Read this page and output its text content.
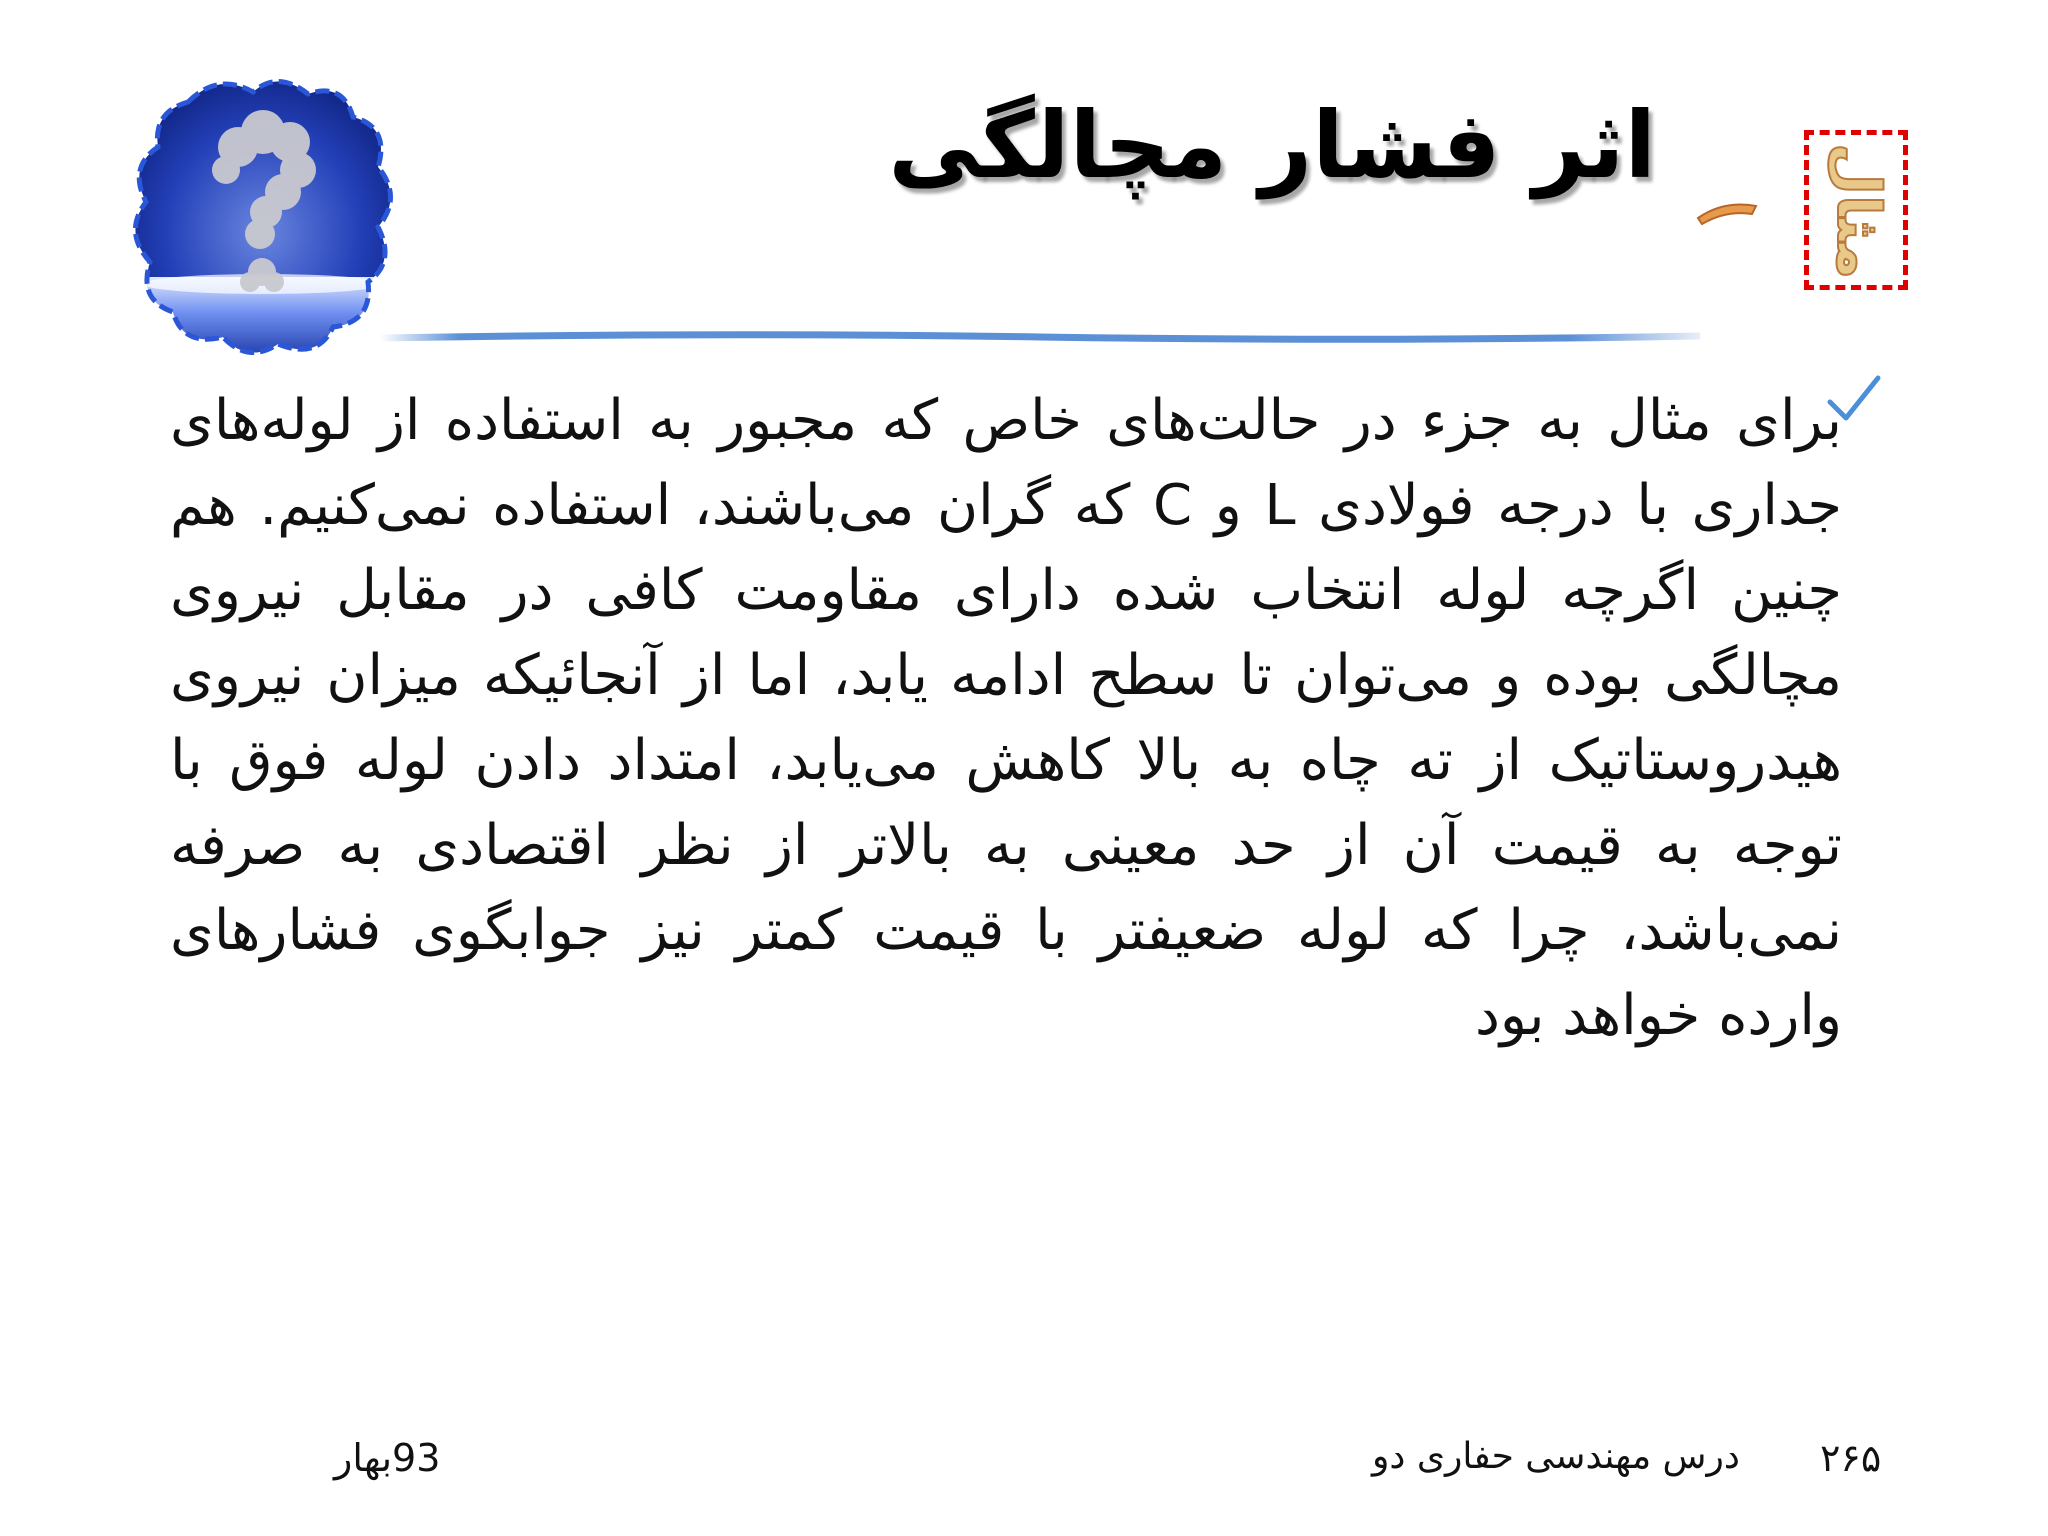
اثر فشار مچالگی	مثال
برای مثال به جزء در حالت‌های خاص که مجبور به استفاده از لوله‌های جداری با درجه فولادی L و C که گران می‌باشند، استفاده نمی‌کنیم. هم چنین اگرچه لوله انتخاب شده دارای مقاومت کافی در مقابل نیروی مچالگی بوده و می‌توان تا سطح ادامه یابد، اما از آنجائیکه میزان نیروی هیدروستاتیک از ته چاه به بالا کاهش می‌یابد، امتداد دادن لوله فوق با توجه به قیمت آن از حد معینی به بالاتر از نظر اقتصادی به صرفه نمی‌باشد، چرا که لوله ضعیفتر با قیمت کمتر نیز جوابگوی فشارهای وارده خواهد بود
۲۶۵
درس مهندسی حفاری دو
93بهار
